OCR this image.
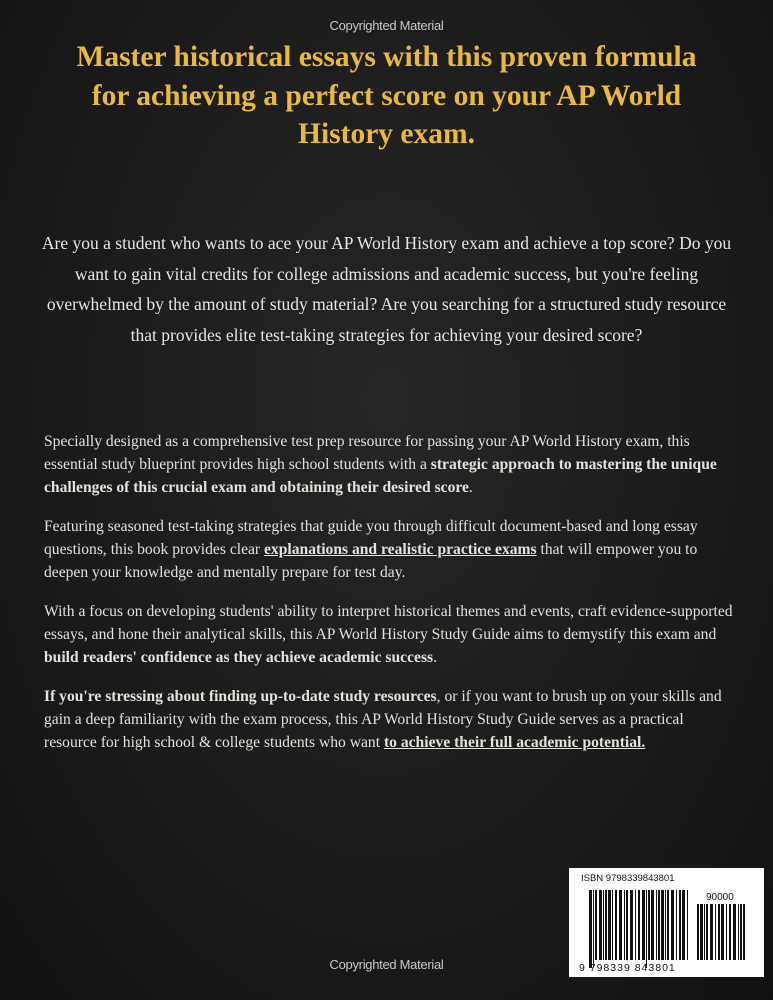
Copyrighted Material
Master historical essays with this proven formula for achieving a perfect score on your AP World History exam.
Are you a student who wants to ace your AP World History exam and achieve a top score? Do you want to gain vital credits for college admissions and academic success, but you're feeling overwhelmed by the amount of study material? Are you searching for a structured study resource that provides elite test-taking strategies for achieving your desired score?

Specially designed as a comprehensive test prep resource for passing your AP World History exam, this essential study blueprint provides high school students with a strategic approach to mastering the unique challenges of this crucial exam and obtaining their desired score.

Featuring seasoned test-taking strategies that guide you through difficult document-based and long essay questions, this book provides clear explanations and realistic practice exams that will empower you to deepen your knowledge and mentally prepare for test day.

With a focus on developing students' ability to interpret historical themes and events, craft evidence-supported essays, and hone their analytical skills, this AP World History Study Guide aims to demystify this exam and build readers' confidence as they achieve academic success.

If you're stressing about finding up-to-date study resources, or if you want to brush up on your skills and gain a deep familiarity with the exam process, this AP World History Study Guide serves as a practical resource for high school & college students who want to achieve their full academic potential.

ISBN 9798339843801
90000
9 798339 843801
Copyrighted Material
